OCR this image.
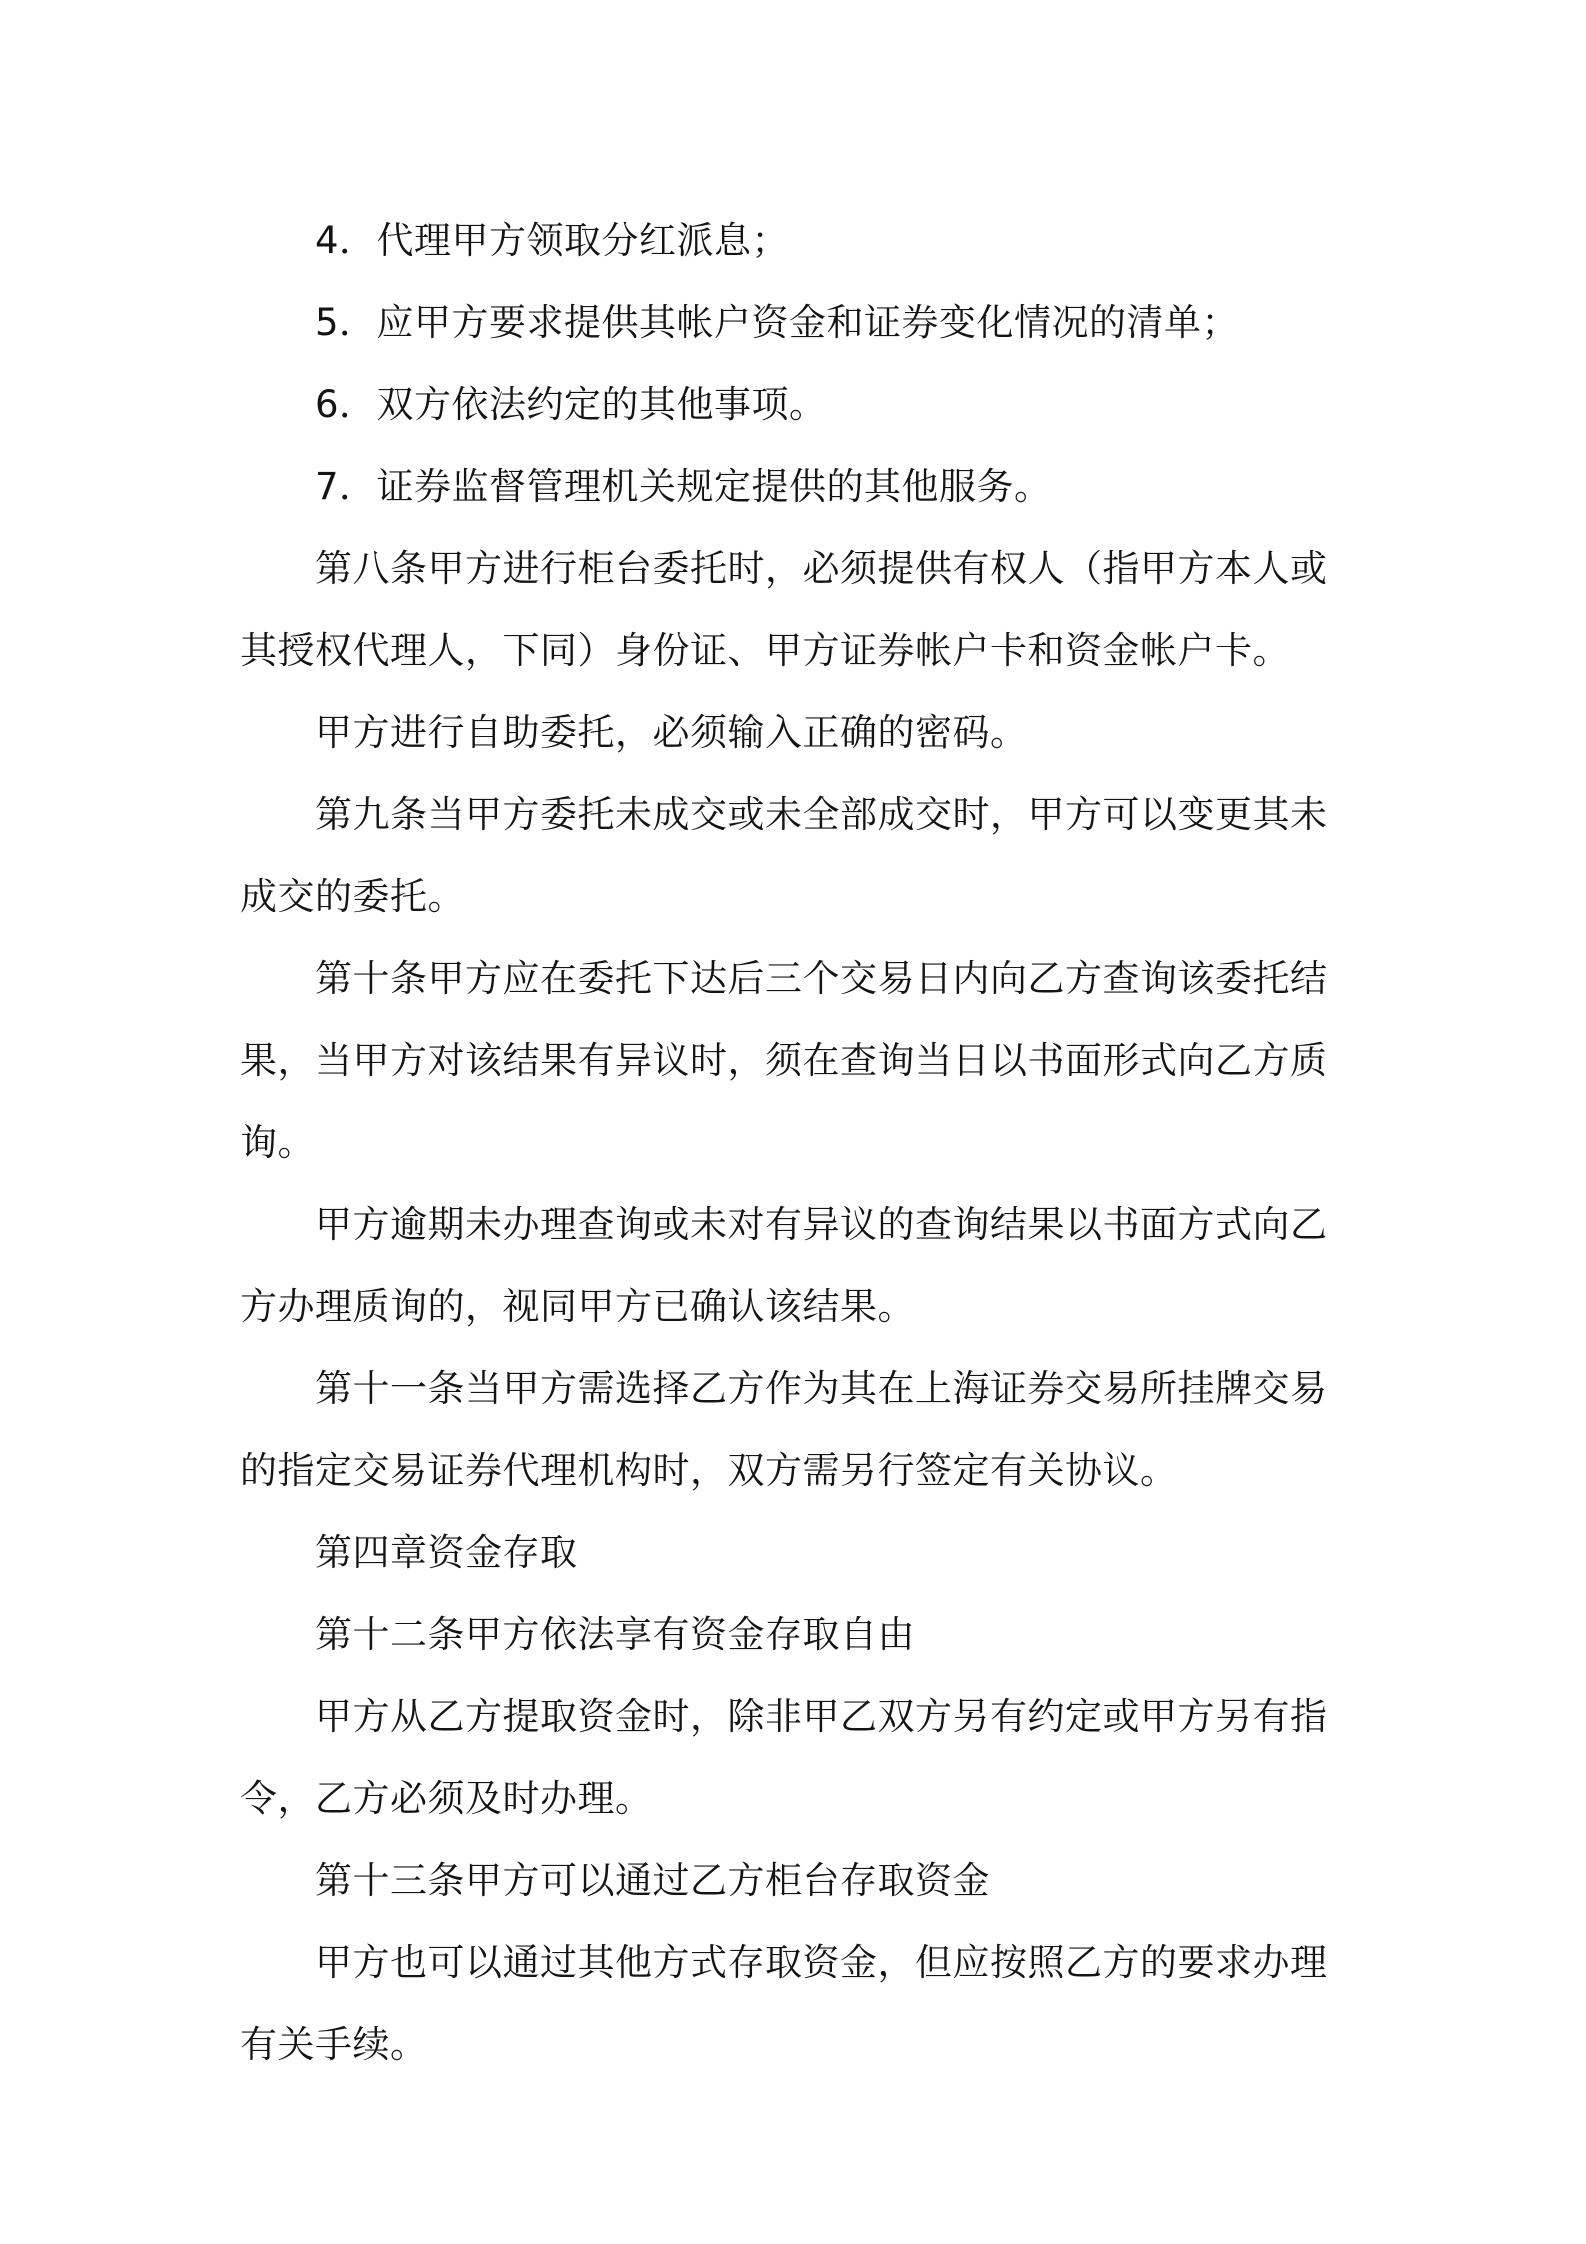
4．代理甲方领取分红派息；

5．应甲方要求提供其帐户资金和证券变化情况的清单；

6．双方依法约定的其他事项。

7．证券监督管理机关规定提供的其他服务。

第八条甲方进行柜台委托时，必须提供有权人（指甲方本人或其授权代理人，下同）身份证、甲方证券帐户卡和资金帐户卡。

甲方进行自助委托，必须输入正确的密码。

第九条当甲方委托未成交或未全部成交时，甲方可以变更其未成交的委托。

第十条甲方应在委托下达后三个交易日内向乙方查询该委托结果，当甲方对该结果有异议时，须在查询当日以书面形式向乙方质询。

甲方逾期未办理查询或未对有异议的查询结果以书面方式向乙方办理质询的，视同甲方已确认该结果。

第十一条当甲方需选择乙方作为其在上海证券交易所挂牌交易的指定交易证券代理机构时，双方需另行签定有关协议。

第四章资金存取

第十二条甲方依法享有资金存取自由

甲方从乙方提取资金时，除非甲乙双方另有约定或甲方另有指令，乙方必须及时办理。

第十三条甲方可以通过乙方柜台存取资金

甲方也可以通过其他方式存取资金，但应按照乙方的要求办理有关手续。
